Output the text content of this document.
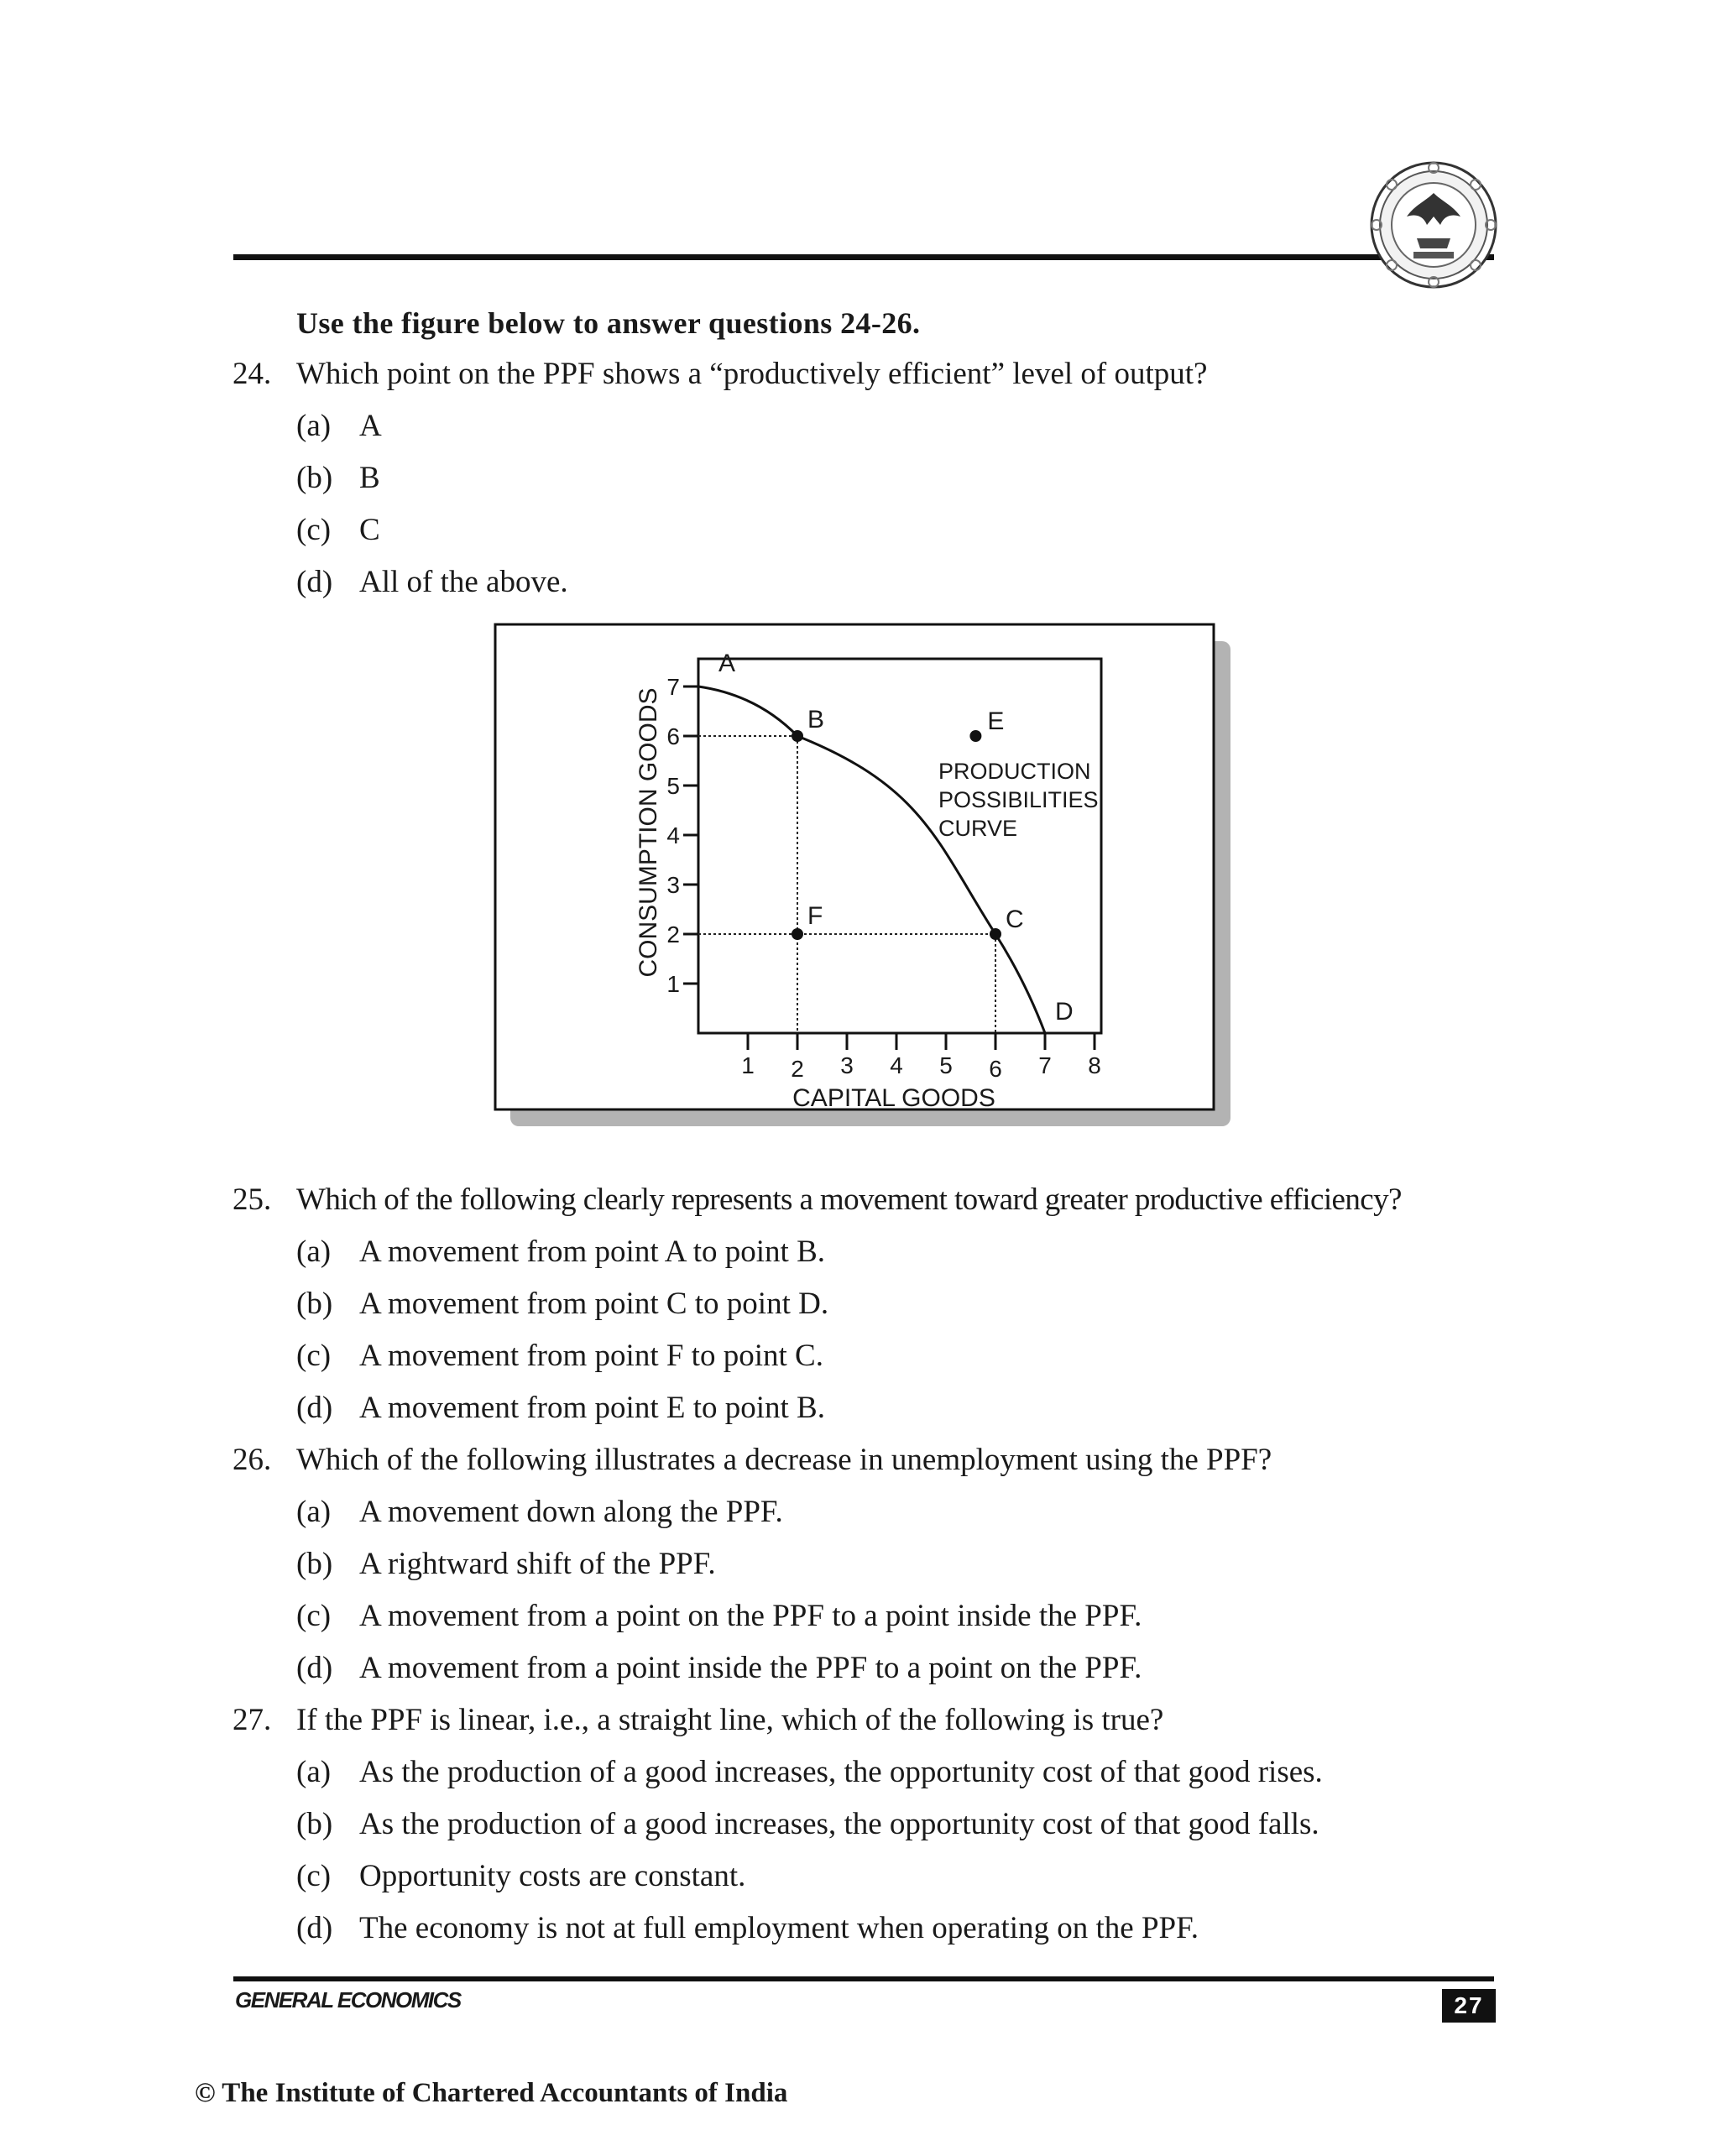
Use the figure below to answer questions 24-26.
24. Which point on the PPF shows a “productively efficient” level of output?
(a) A
(b) B
(c) C
(d) All of the above.
1
2
3
4
5
6
7
1 2 3 4 5 6 7 8
A
B
C
D
E
F
CONSUMPTION GOODS
CAPITAL GOODS
PRODUCTION
POSSIBILITIES
CURVE
25. Which of the following clearly represents a movement toward greater productive efficiency?
(a) A movement from point A to point B.
(b) A movement from point C to point D.
(c) A movement from point F to point C.
(d) A movement from point E to point B.
26. Which of the following illustrates a decrease in unemployment using the PPF?
(a) A movement down along the PPF.
(b) A rightward shift of the PPF.
(c) A movement from a point on the PPF to a point inside the PPF.
(d) A movement from a point inside the PPF to a point on the PPF.
27. If the PPF is linear, i.e., a straight line, which of the following is true?
(a) As the production of a good increases, the opportunity cost of that good rises.
(b) As the production of a good increases, the opportunity cost of that good falls.
(c) Opportunity costs are constant.
(d) The economy is not at full employment when operating on the PPF.
GENERAL ECONOMICS	27
© The Institute of Chartered Accountants of India
